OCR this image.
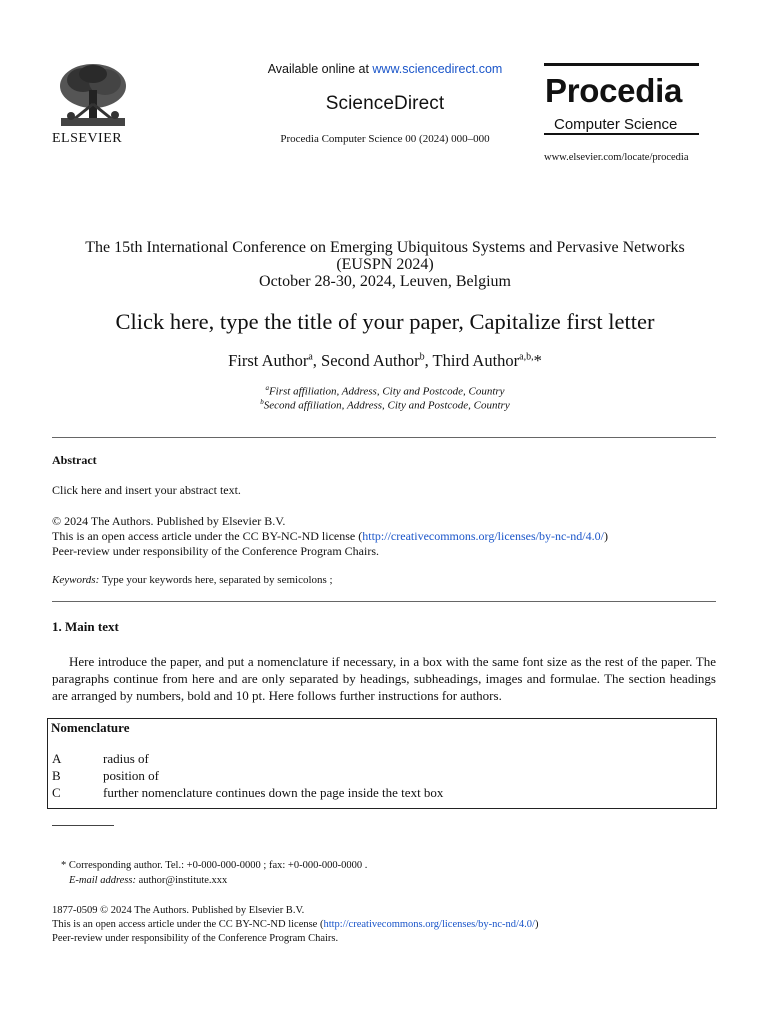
Available online at www.sciencedirect.com
ScienceDirect
Procedia Computer Science 00 (2024) 000–000
ELSEVIER
Procedia
Computer Science
www.elsevier.com/locate/procedia
The 15th International Conference on Emerging Ubiquitous Systems and Pervasive Networks
(EUSPN 2024)
October 28-30, 2024, Leuven, Belgium
Click here, type the title of your paper, Capitalize first letter
First Author$^a$, Second Author$^b$, Third Author$^{a,b,}$*
$^a$First affiliation, Address, City and Postcode, Country
$^b$Second affiliation, Address, City and Postcode, Country
Abstract
Click here and insert your abstract text.
© 2024 The Authors. Published by Elsevier B.V.
This is an open access article under the CC BY-NC-ND license (http://creativecommons.org/licenses/by-nc-nd/4.0/)
Peer-review under responsibility of the Conference Program Chairs.
Keywords: Type your keywords here, separated by semicolons ;
1. Main text
Here introduce the paper, and put a nomenclature if necessary, in a box with the same font size as the rest of the paper. The paragraphs continue from here and are only separated by headings, subheadings, images and formulae. The section headings are arranged by numbers, bold and 10 pt. Here follows further instructions for authors.
Nomenclature
A	radius of
B	position of
C	further nomenclature continues down the page inside the text box
* Corresponding author. Tel.: +0-000-000-0000 ; fax: +0-000-000-0000 .
E-mail address: author@institute.xxx
1877-0509 © 2024 The Authors. Published by Elsevier B.V.
This is an open access article under the CC BY-NC-ND license (http://creativecommons.org/licenses/by-nc-nd/4.0/)
Peer-review under responsibility of the Conference Program Chairs.
